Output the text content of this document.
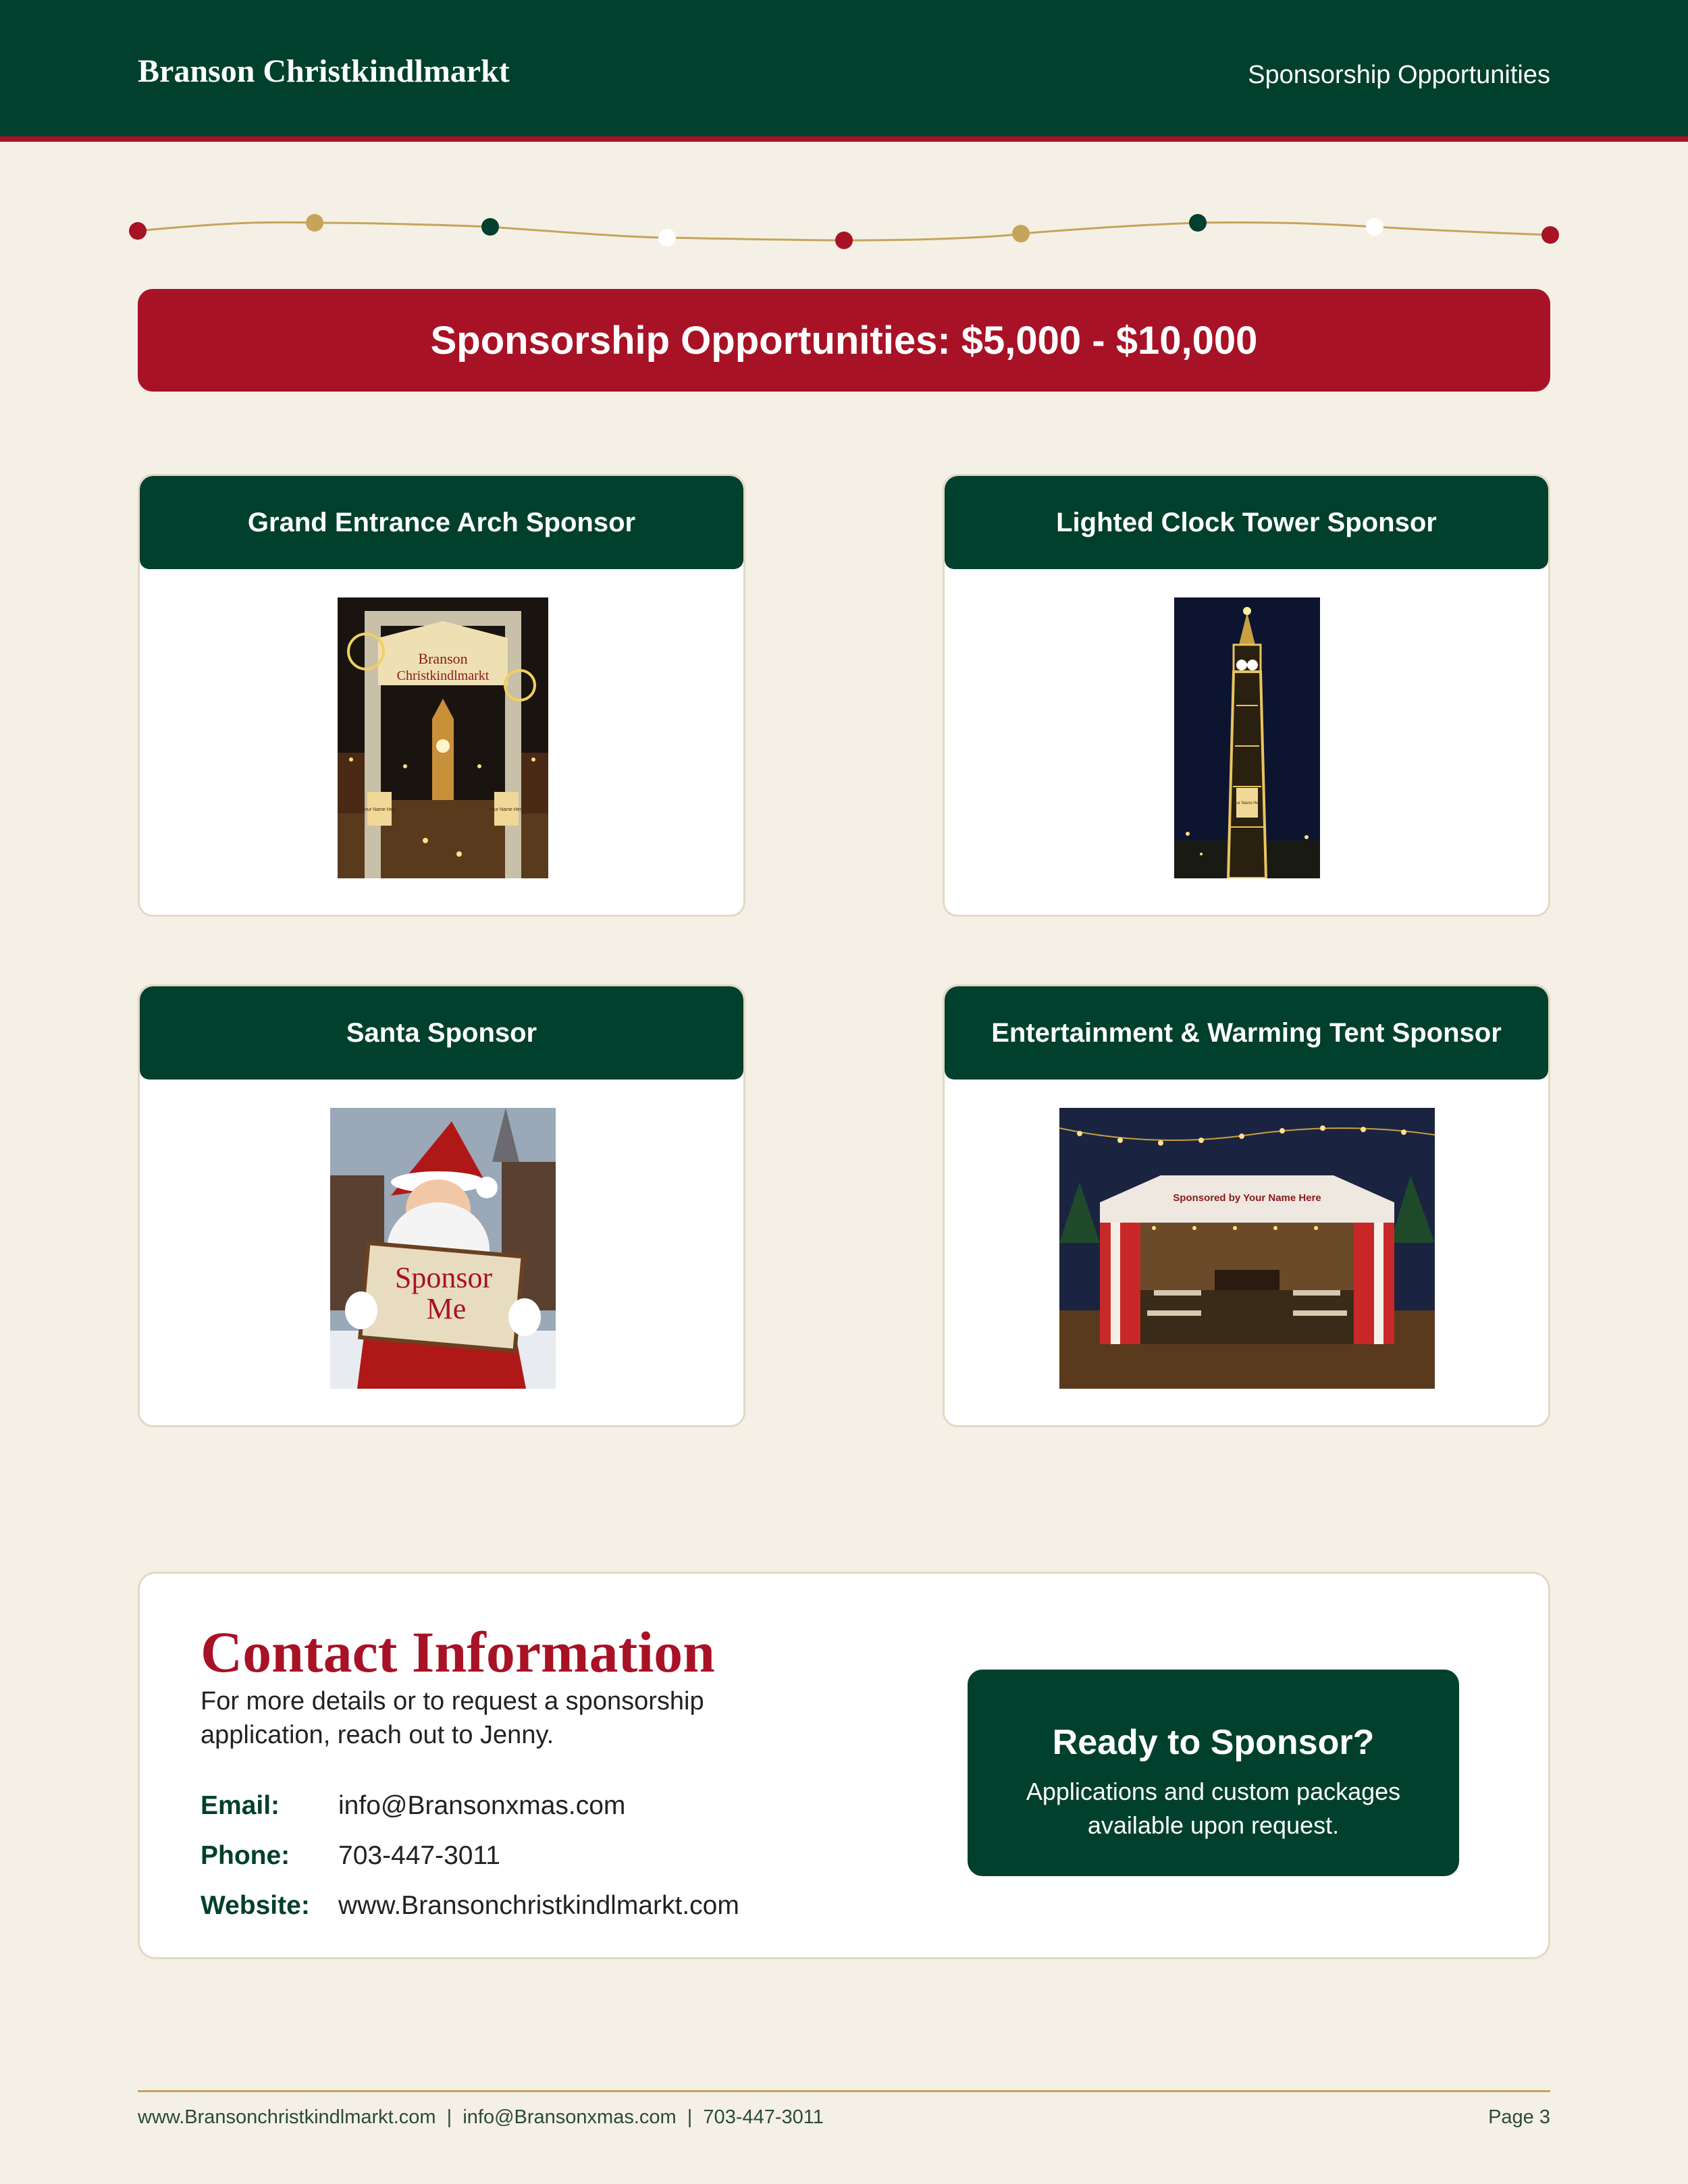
Branson Christkindlmarkt	Sponsorship Opportunities
Sponsorship Opportunities: $5,000 - $10,000
Grand Entrance Arch Sponsor
Branson
Christkindlmarkt
Your Name Here	Your Name Here
Lighted Clock Tower Sponsor
Your Name Here
Santa Sponsor
Sponsor
Me
Entertainment & Warming Tent Sponsor
Sponsored by Your Name Here
Contact Information
For more details or to request a sponsorship application, reach out to Jenny.
Email: info@Bransonxmas.com
Phone: 703-447-3011
Website: www.Bransonchristkindlmarkt.com
Ready to Sponsor?
Applications and custom packages available upon request.
www.Bransonchristkindlmarkt.com  |  info@Bransonxmas.com  |  703-447-3011	Page 3
